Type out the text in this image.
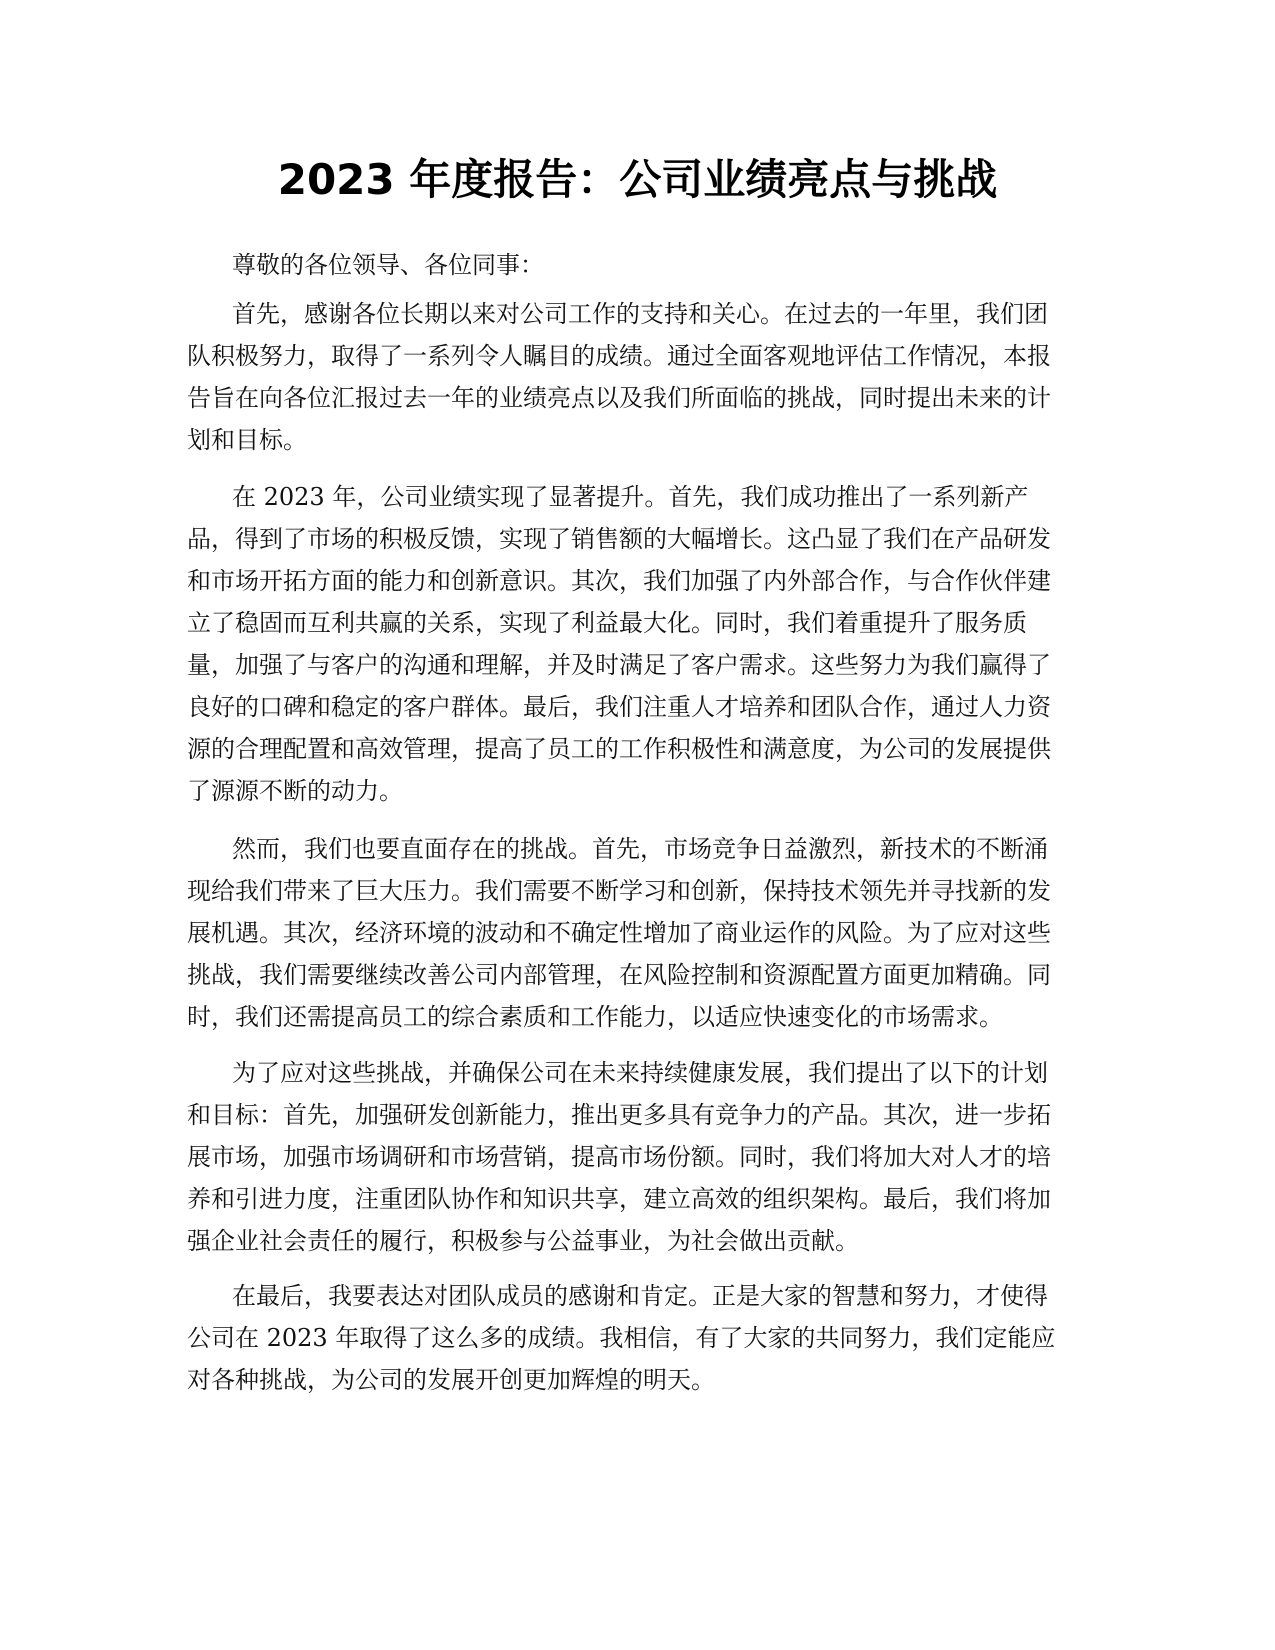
2023 年度报告：公司业绩亮点与挑战

尊敬的各位领导、各位同事：

首先，感谢各位长期以来对公司工作的支持和关心。在过去的一年里，我们团
队积极努力，取得了一系列令人瞩目的成绩。通过全面客观地评估工作情况，本报
告旨在向各位汇报过去一年的业绩亮点以及我们所面临的挑战，同时提出未来的计
划和目标。
在 2023 年，公司业绩实现了显著提升。首先，我们成功推出了一系列新产
品，得到了市场的积极反馈，实现了销售额的大幅增长。这凸显了我们在产品研发
和市场开拓方面的能力和创新意识。其次，我们加强了内外部合作，与合作伙伴建
立了稳固而互利共赢的关系，实现了利益最大化。同时，我们着重提升了服务质
量，加强了与客户的沟通和理解，并及时满足了客户需求。这些努力为我们赢得了
良好的口碑和稳定的客户群体。最后，我们注重人才培养和团队合作，通过人力资
源的合理配置和高效管理，提高了员工的工作积极性和满意度，为公司的发展提供
了源源不断的动力。
然而，我们也要直面存在的挑战。首先，市场竞争日益激烈，新技术的不断涌
现给我们带来了巨大压力。我们需要不断学习和创新，保持技术领先并寻找新的发
展机遇。其次，经济环境的波动和不确定性增加了商业运作的风险。为了应对这些
挑战，我们需要继续改善公司内部管理，在风险控制和资源配置方面更加精确。同
时，我们还需提高员工的综合素质和工作能力，以适应快速变化的市场需求。
为了应对这些挑战，并确保公司在未来持续健康发展，我们提出了以下的计划
和目标：首先，加强研发创新能力，推出更多具有竞争力的产品。其次，进一步拓
展市场，加强市场调研和市场营销，提高市场份额。同时，我们将加大对人才的培
养和引进力度，注重团队协作和知识共享，建立高效的组织架构。最后，我们将加
强企业社会责任的履行，积极参与公益事业，为社会做出贡献。
在最后，我要表达对团队成员的感谢和肯定。正是大家的智慧和努力，才使得
公司在 2023 年取得了这么多的成绩。我相信，有了大家的共同努力，我们定能应
对各种挑战，为公司的发展开创更加辉煌的明天。
